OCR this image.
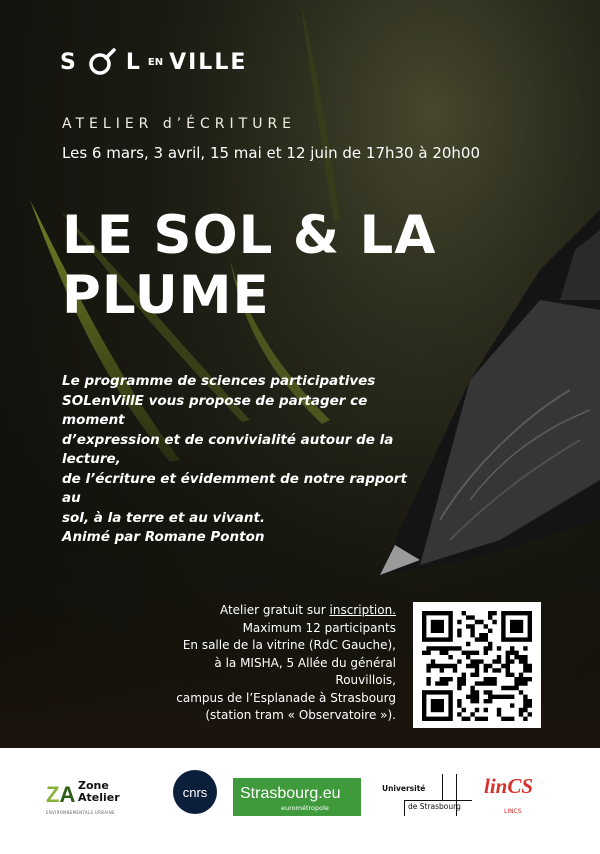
S L EN VILLE
ATELIER d’ÉCRITURE
Les 6 mars, 3 avril, 15 mai et 12 juin de 17h30 à 20h00
LE SOL & LA PLUME
Le programme de sciences participatives
SOLenVillE vous propose de partager ce moment
d’expression et de convivialité autour de la lecture,
de l’écriture et évidemment de notre rapport au
sol, à la terre et au vivant.
Animé par Romane Ponton
Atelier gratuit sur inscription.
Maximum 12 participants
En salle de la vitrine (RdC Gauche),
à la MISHA, 5 Allée du général Rouvillois,
campus de l’Esplanade à Strasbourg
(station tram « Observatoire »).
ZA Zone
Atelier
ENVIRONNEMENTALE URBAINE
cnrs	Strasbourg.eu
eurométropole
Université
de Strasbourg
linCS
LINCS
